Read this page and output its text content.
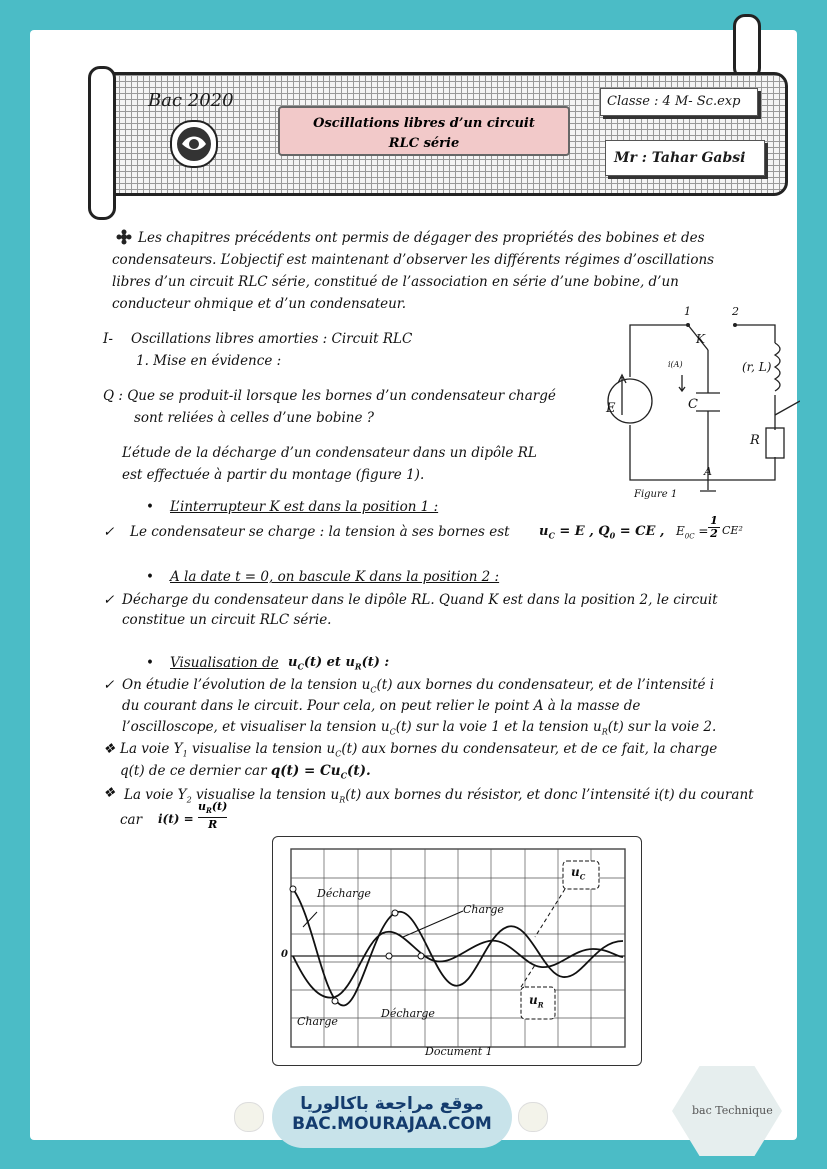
Bac 2020
Oscillations libres d’un circuit
RLC série
Classe : 4 M- Sc.exp
Mr : Tahar Gabsi
Les chapitres précédents ont permis de dégager des propriétés des bobines et des
condensateurs. L’objectif est maintenant d’observer les différents régimes d’oscillations
libres d’un circuit RLC série, constitué de l’association en série d’une bobine, d’un
conducteur ohmique et d’un condensateur.
I- Oscillations libres amorties : Circuit RLC
1. Mise en évidence :
Q : Que se produit-il lorsque les bornes d’un condensateur chargé
sont reliées à celles d’une bobine ?
L’étude de la décharge d’un condensateur dans un dipôle RL
est effectuée à partir du montage (figure 1).
1	2
K
i(A)	(r, L)
E	C
R
A
Figure 1
• L’interrupteur K est dans la position 1 :
✓ Le condensateur se charge : la tension à ses bornes est $u_C = E$ , $Q_0$ = CE , $E_{0C}$ =
1
2 CE²
• A la date t = 0, on bascule K dans la position 2 :
✓ Décharge du condensateur dans le dipôle RL. Quand K est dans la position 2, le circuit
constitue un circuit RLC série.
• Visualisation de $u_C(t)$ et $u_R(t)$ :
✓ On étudie l’évolution de la tension $u_C(t)$ aux bornes du condensateur, et de l’intensité i
du courant dans le circuit. Pour cela, on peut relier le point A à la masse de
l’oscilloscope, et visualiser la tension $u_C(t)$ sur la voie 1 et la tension $u_R(t)$ sur la voie 2.
❖ La voie $Y_1$ visualise la tension $u_C(t)$ aux bornes du condensateur, et de ce fait, la charge
q(t) de ce dernier car $q(t) = Cu_C(t)$.
❖ La voie $Y_2$ visualise la tension $u_R(t)$ aux bornes du résistor, et donc l’intensité i(t) du courant
car i(t) =
$u_R(t)$
R
Décharge
Charge
$u_C$
0
$u_R$
Charge
Décharge
Document 1
موقع مراجعة باكالوريا
BAC.MOURAJAA.COM
bac Technique
